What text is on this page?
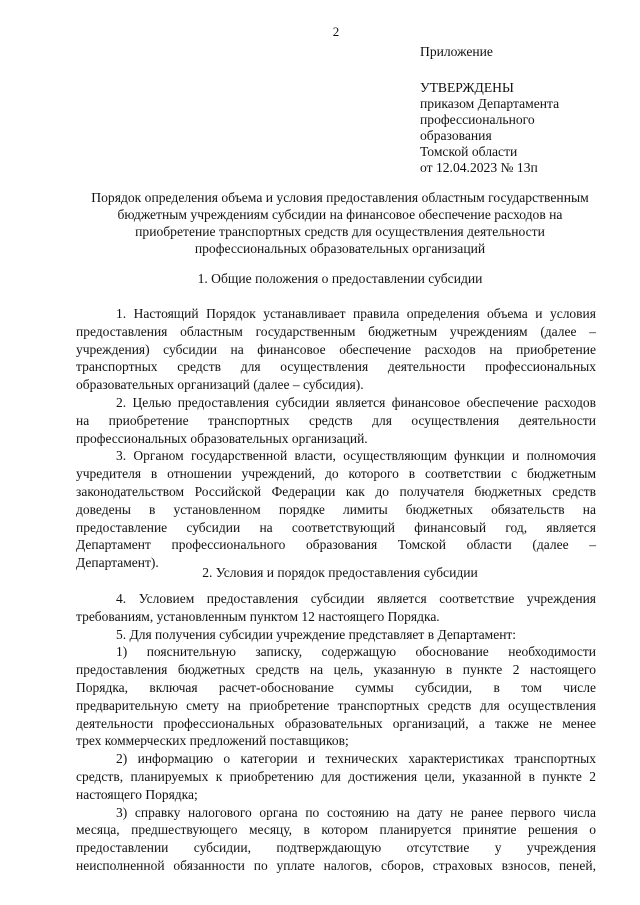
2
Приложение
УТВЕРЖДЕНЫ
приказом Департамента
профессионального
образования
Томской области
от 12.04.2023 № 13п
Порядок определения объема и условия предоставления областным государственным
бюджетным учреждениям субсидии на финансовое обеспечение расходов на
приобретение транспортных средств для осуществления деятельности
профессиональных образовательных организаций
1. Общие положения о предоставлении субсидии
1. Настоящий Порядок устанавливает правила определения объема и условия
предоставления областным государственным бюджетным учреждениям (далее –
учреждения) субсидии на финансовое обеспечение расходов на приобретение
транспортных средств для осуществления деятельности профессиональных
образовательных организаций (далее – субсидия).
2. Целью предоставления субсидии является финансовое обеспечение расходов
на приобретение транспортных средств для осуществления деятельности
профессиональных образовательных организаций.
3. Органом государственной власти, осуществляющим функции и полномочия
учредителя в отношении учреждений, до которого в соответствии с бюджетным
законодательством Российской Федерации как до получателя бюджетных средств
доведены в установленном порядке лимиты бюджетных обязательств на
предоставление субсидии на соответствующий финансовый год, является
Департамент профессионального образования Томской области (далее –
Департамент).
2. Условия и порядок предоставления субсидии
4. Условием предоставления субсидии является соответствие учреждения
требованиям, установленным пунктом 12 настоящего Порядка.
5. Для получения субсидии учреждение представляет в Департамент:
1) пояснительную записку, содержащую обоснование необходимости
предоставления бюджетных средств на цель, указанную в пункте 2 настоящего
Порядка, включая расчет-обоснование суммы субсидии, в том числе
предварительную смету на приобретение транспортных средств для осуществления
деятельности профессиональных образовательных организаций, а также не менее
трех коммерческих предложений поставщиков;
2) информацию о категории и технических характеристиках транспортных
средств, планируемых к приобретению для достижения цели, указанной в пункте 2
настоящего Порядка;
3) справку налогового органа по состоянию на дату не ранее первого числа
месяца, предшествующего месяцу, в котором планируется принятие решения о
предоставлении субсидии, подтверждающую отсутствие у учреждения
неисполненной обязанности по уплате налогов, сборов, страховых взносов, пеней,
